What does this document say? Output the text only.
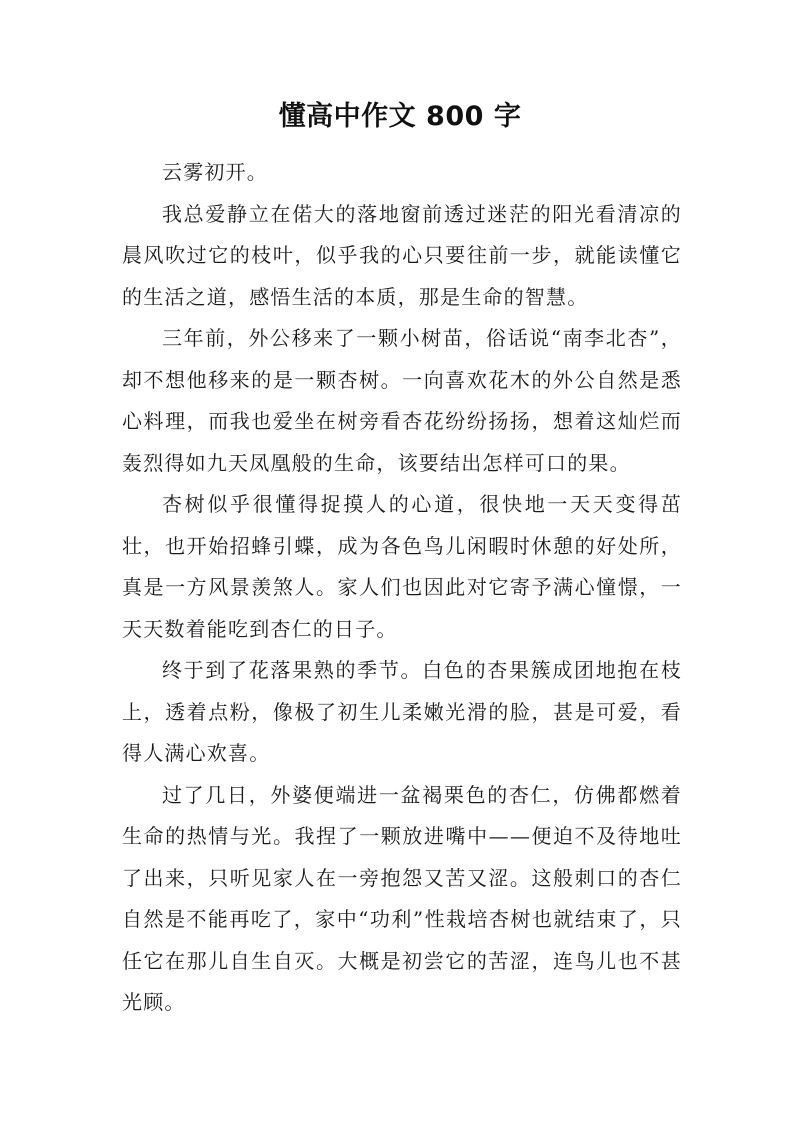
懂高中作文 800 字

云雾初开。

我总爱静立在偌大的落地窗前透过迷茫的阳光看清凉的晨风吹过它的枝叶，似乎我的心只要往前一步，就能读懂它的生活之道，感悟生活的本质，那是生命的智慧。

三年前，外公移来了一颗小树苗，俗话说“南李北杏”，却不想他移来的是一颗杏树。一向喜欢花木的外公自然是悉心料理，而我也爱坐在树旁看杏花纷纷扬扬，想着这灿烂而轰烈得如九天凤凰般的生命，该要结出怎样可口的果。

杏树似乎很懂得捉摸人的心道，很快地一天天变得茁壮，也开始招蜂引蝶，成为各色鸟儿闲暇时休憩的好处所，真是一方风景羡煞人。家人们也因此对它寄予满心憧憬，一天天数着能吃到杏仁的日子。

终于到了花落果熟的季节。白色的杏果簇成团地抱在枝上，透着点粉，像极了初生儿柔嫩光滑的脸，甚是可爱，看得人满心欢喜。

过了几日，外婆便端进一盆褐栗色的杏仁，仿佛都燃着生命的热情与光。我捏了一颗放进嘴中——便迫不及待地吐了出来，只听见家人在一旁抱怨又苦又涩。这般刺口的杏仁自然是不能再吃了，家中“功利”性栽培杏树也就结束了，只任它在那儿自生自灭。大概是初尝它的苦涩，连鸟儿也不甚光顾。
